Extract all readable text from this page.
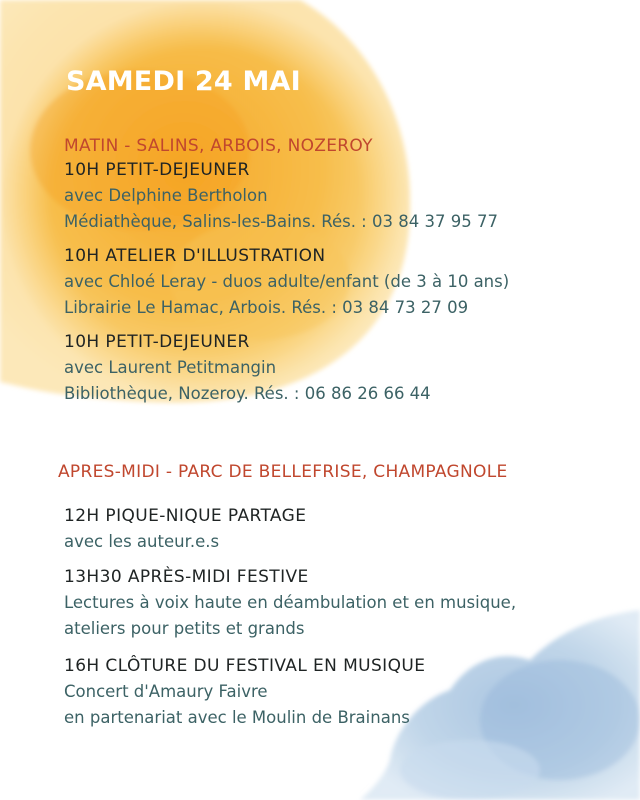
SAMEDI 24 MAI
MATIN - SALINS, ARBOIS, NOZEROY
10H PETIT-DEJEUNER
avec Delphine Bertholon
Médiathèque, Salins-les-Bains. Rés. : 03 84 37 95 77
10H ATELIER D'ILLUSTRATION
avec Chloé Leray - duos adulte/enfant (de 3 à 10 ans)
Librairie Le Hamac, Arbois. Rés. : 03 84 73 27 09
10H PETIT-DEJEUNER
avec Laurent Petitmangin
Bibliothèque, Nozeroy. Rés. : 06 86 26 66 44
APRES-MIDI - PARC DE BELLEFRISE, CHAMPAGNOLE
12H PIQUE-NIQUE PARTAGE
avec les auteur.e.s
13H30 APRÈS-MIDI FESTIVE
Lectures à voix haute en déambulation et en musique,
ateliers pour petits et grands
16H CLÔTURE DU FESTIVAL EN MUSIQUE
Concert d'Amaury Faivre
en partenariat avec le Moulin de Brainans
